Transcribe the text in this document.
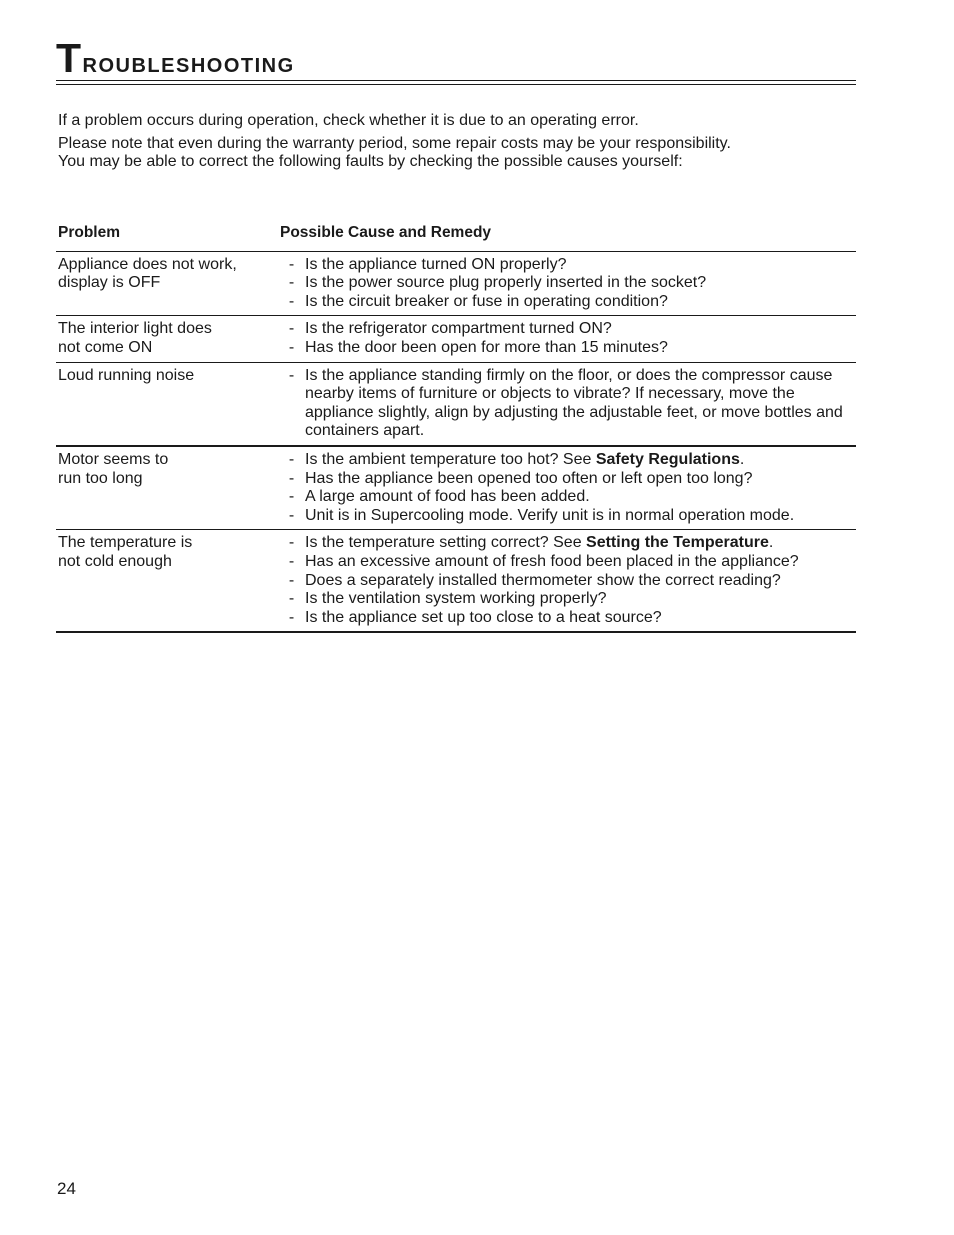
Troubleshooting

If a problem occurs during operation, check whether it is due to an operating error.

Please note that even during the warranty period, some repair costs may be your responsibility.

You may be able to correct the following faults by checking the possible causes yourself:

Problem	Possible Cause and Remedy
Appliance does not work,
display is OFF
- Is the appliance turned ON properly?
- Is the power source plug properly inserted in the socket?
- Is the circuit breaker or fuse in operating condition?
The interior light does
not come ON
- Is the refrigerator compartment turned ON?
- Has the door been open for more than 15 minutes?
Loud running noise	- Is the appliance standing firmly on the floor, or does the compressor cause nearby items of furniture or objects to vibrate? If necessary, move the appliance slightly, align by adjusting the adjustable feet, or move bottles and containers apart.
Motor seems to
run too long
- Is the ambient temperature too hot? See Safety Regulations.
- Has the appliance been opened too often or left open too long?
- A large amount of food has been added.
- Unit is in Supercooling mode. Verify unit is in normal operation mode.
The temperature is
not cold enough
- Is the temperature setting correct? See Setting the Temperature.
- Has an excessive amount of fresh food been placed in the appliance?
- Does a separately installed thermometer show the correct reading?
- Is the ventilation system working properly?
- Is the appliance set up too close to a heat source?
24
